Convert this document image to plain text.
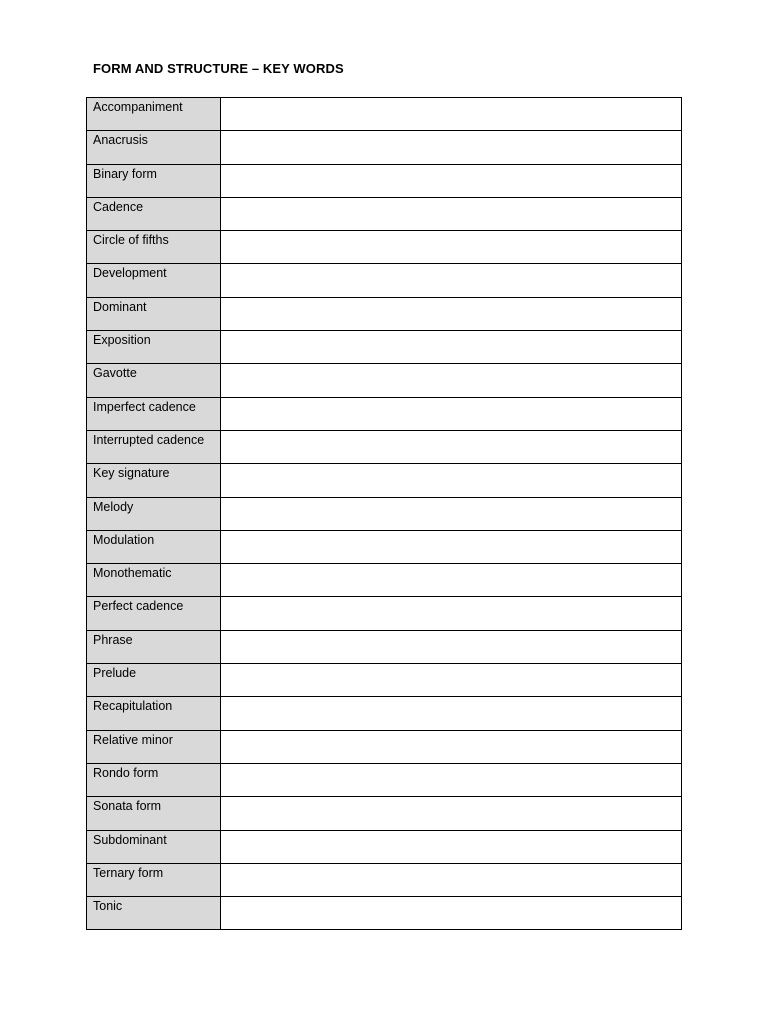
FORM AND STRUCTURE – KEY WORDS
Accompaniment	
Anacrusis	
Binary form	
Cadence	
Circle of fifths	
Development	
Dominant	
Exposition	
Gavotte	
Imperfect cadence	
Interrupted cadence	
Key signature	
Melody	
Modulation	
Monothematic	
Perfect cadence	
Phrase	
Prelude	
Recapitulation	
Relative minor	
Rondo form	
Sonata form	
Subdominant	
Ternary form	
Tonic	
